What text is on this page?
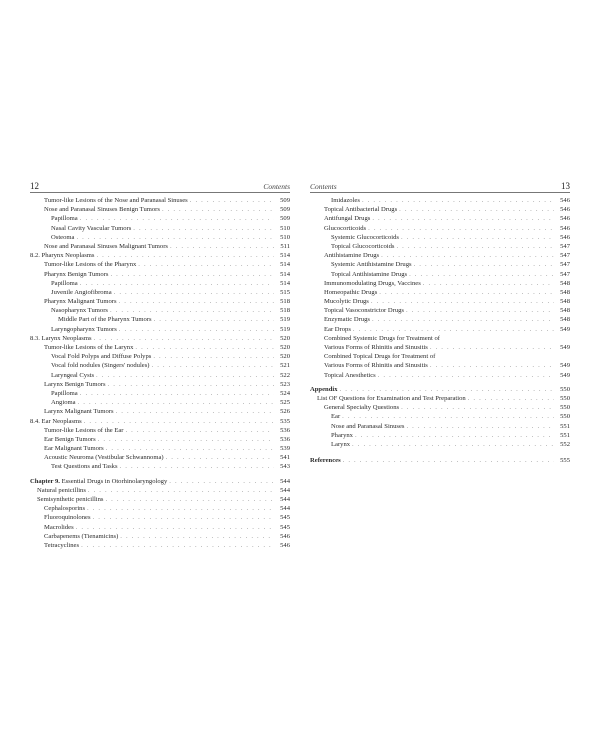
12	Contents
Tumor-like Lesions of the Nose and Paranasal Sinuses . . .	509
Nose and Paranasal Sinuses Benign Tumors . . .	509
Papilloma . . .	509
Nasal Cavity Vascular Tumors . . .	510
Osteoma . . .	510
Nose and Paranasal Sinuses Malignant Tumors . . .	511
8.2. Pharynx Neoplasms . . .	514
Tumor-like Lesions of the Pharynx . . .	514
Pharynx Benign Tumors . . .	514
Papilloma . . .	514
Juvenile Angiofibroma . . .	515
Pharynx Malignant Tumors . . .	518
Nasopharynx Tumors . . .	518
Middle Part of the Pharynx Tumors . . .	519
Laryngopharynx Tumors . . .	519
8.3. Larynx Neoplasms . . .	520
Tumor-like Lesions of the Larynx . . .	520
Vocal Fold Polyps and Diffuse Polyps . . .	520
Vocal fold nodules (Singers' nodules) . . .	521
Laryngeal Cysts . . .	522
Larynx Benign Tumors . . .	523
Papilloma . . .	524
Angioma . . .	525
Larynx Malignant Tumors . . .	526
8.4. Ear Neoplasms . . .	535
Tumor-like Lesions of the Ear . . .	536
Ear Benign Tumors . . .	536
Ear Malignant Tumors . . .	539
Acoustic Neuroma (Vestibular Schwannoma) . . .	541
Test Questions and Tasks . . .	543
Chapter 9. Essential Drugs in Otorhinolaryngology . . .	544
Natural penicillins . . .	544
Semisynthetic penicillins . . .	544
Cephalosporins . . .	544
Fluoroquinolones . . .	545
Macrolides . . .	545
Carbapenems (Tienamicins) . . .	546
Tetracyclines . . .	546
Contents	13
Imidazoles . . .	546
Topical Antibacterial Drugs . . .	546
Antifungal Drugs . . .	546
Glucocorticoids . . .	546
Systemic Glucocorticoids . . .	546
Topical Glucocorticoids . . .	547
Antihistamine Drugs . . .	547
Systemic Antihistamine Drugs . . .	547
Topical Antihistamine Drugs . . .	547
Immunomodulating Drugs, Vaccines . . .	548
Homeopathic Drugs . . .	548
Mucolytic Drugs . . .	548
Topical Vasoconstrictor Drugs . . .	548
Enzymatic Drugs . . .	548
Ear Drops . . .	549
Combined Systemic Drugs for Treatment of
Various Forms of Rhinitis and Sinusitis . . .	549
Combined Topical Drugs for Treatment of
Various Forms of Rhinitis and Sinusitis . . .	549
Topical Anesthetics . . .	549
Appendix . . .	550
List OF Questions for Examination and Test Preparation . . .	550
General Specialty Questions . . .	550
Ear . . .	550
Nose and Paranasal Sinuses . . .	551
Pharynx . . .	551
Larynx . . .	552
References . . .	555
